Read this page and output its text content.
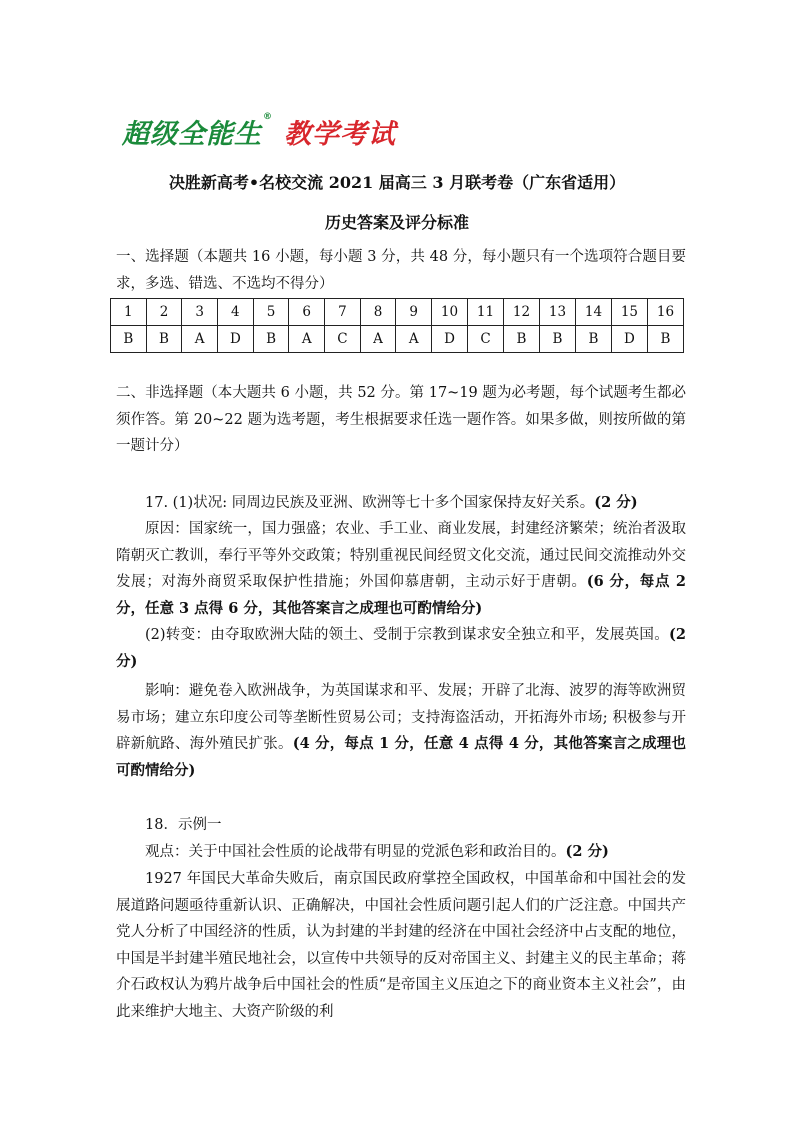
超级全能生
®
教学考试
决胜新高考•名校交流 2021 届高三 3 月联考卷（广东省适用）
历史答案及评分标准
一、选择题（本题共 16 小题，每小题 3 分，共 48 分，每小题只有一个选项符合题目要求，多选、错选、不选均不得分）
1	2	3	4	5	6	7	8	9	10	11	12	13	14	15	16
B	B	A	D	B	A	C	A	A	D	C	B	B	B	D	B
二、非选择题（本大题共 6 小题，共 52 分。第 17~19 题为必考题，每个试题考生都必须作答。第 20~22 题为选考题，考生根据要求任选一题作答。如果多做，则按所做的第一题计分）
17. (1)状况: 同周边民族及亚洲、欧洲等七十多个国家保持友好关系。(2 分)
原因：国家统一，国力强盛；农业、手工业、商业发展，封建经济繁荣；统治者汲取隋朝灭亡教训，奉行平等外交政策；特别重视民间经贸文化交流，通过民间交流推动外交发展；对海外商贸采取保护性措施；外国仰慕唐朝，主动示好于唐朝。(6 分，每点 2 分，任意 3 点得 6 分，其他答案言之成理也可酌情给分)
(2)转变：由夺取欧洲大陆的领土、受制于宗教到谋求安全独立和平，发展英国。(2 分)
影响：避免卷入欧洲战争，为英国谋求和平、发展；开辟了北海、波罗的海等欧洲贸易市场；建立东印度公司等垄断性贸易公司；支持海盗活动，开拓海外市场; 积极参与开辟新航路、海外殖民扩张。(4 分，每点 1 分，任意 4 点得 4 分，其他答案言之成理也可酌情给分)
18．示例一
观点：关于中国社会性质的论战带有明显的党派色彩和政治目的。(2 分)
1927 年国民大革命失败后，南京国民政府掌控全国政权，中国革命和中国社会的发展道路问题亟待重新认识、正确解决，中国社会性质问题引起人们的广泛注意。中国共产党人分析了中国经济的性质，认为封建的半封建的经济在中国社会经济中占支配的地位，中国是半封建半殖民地社会，以宣传中共领导的反对帝国主义、封建主义的民主革命；蒋介石政权认为鸦片战争后中国社会的性质“是帝国主义压迫之下的商业资本主义社会”，由此来维护大地主、大资产阶级的利
